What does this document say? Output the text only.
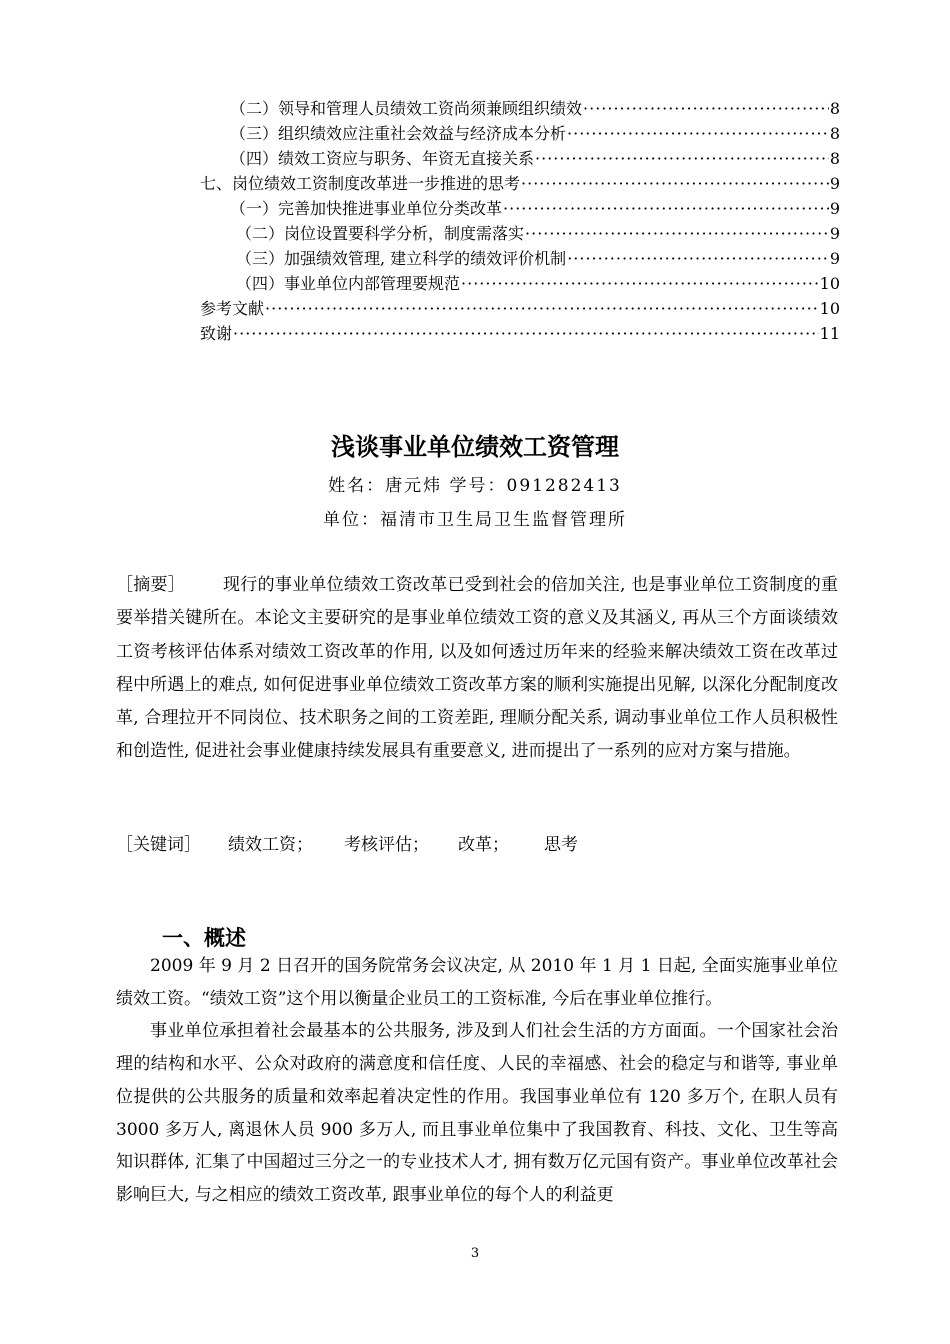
（二）领导和管理人员绩效工资尚须兼顾组织绩效 ·····	8
（三）组织绩效应注重社会效益与经济成本分析 ·····	8
（四）绩效工资应与职务、年资无直接关系 ·····	8
七、岗位绩效工资制度改革进一步推进的思考 ·····	9
（一）完善加快推进事业单位分类改革 ·····	9
（二）岗位设置要科学分析，制度需落实 ·····	9
（三）加强绩效管理, 建立科学的绩效评价机制 ·····	9
（四）事业单位内部管理要规范 ·····	10
参考文献 ·····	10
致谢 ·····	11
浅谈事业单位绩效工资管理
姓名：唐元炜 学号：091282413
单位：福清市卫生局卫生监督管理所
［摘要］ 现行的事业单位绩效工资改革已受到社会的倍加关注, 也是事业单位工资制度的重要举措关键所在。本论文主要研究的是事业单位绩效工资的意义及其涵义, 再从三个方面谈绩效工资考核评估体系对绩效工资改革的作用, 以及如何透过历年来的经验来解决绩效工资在改革过程中所遇上的难点, 如何促进事业单位绩效工资改革方案的顺利实施提出见解, 以深化分配制度改革, 合理拉开不同岗位、技术职务之间的工资差距, 理顺分配关系, 调动事业单位工作人员积极性和创造性, 促进社会事业健康持续发展具有重要意义, 进而提出了一系列的应对方案与措施。
［关键词］ 绩效工资； 考核评估； 改革； 思考
一、概述

2009 年 9 月 2 日召开的国务院常务会议决定, 从 2010 年 1 月 1 日起, 全面实施事业单位绩效工资。“绩效工资”这个用以衡量企业员工的工资标准, 今后在事业单位推行。

事业单位承担着社会最基本的公共服务, 涉及到人们社会生活的方方面面。一个国家社会治理的结构和水平、公众对政府的满意度和信任度、人民的幸福感、社会的稳定与和谐等, 事业单位提供的公共服务的质量和效率起着决定性的作用。我国事业单位有 120 多万个, 在职人员有 3000 多万人, 离退休人员 900 多万人, 而且事业单位集中了我国教育、科技、文化、卫生等高知识群体, 汇集了中国超过三分之一的专业技术人才, 拥有数万亿元国有资产。事业单位改革社会影响巨大, 与之相应的绩效工资改革, 跟事业单位的每个人的利益更

3
